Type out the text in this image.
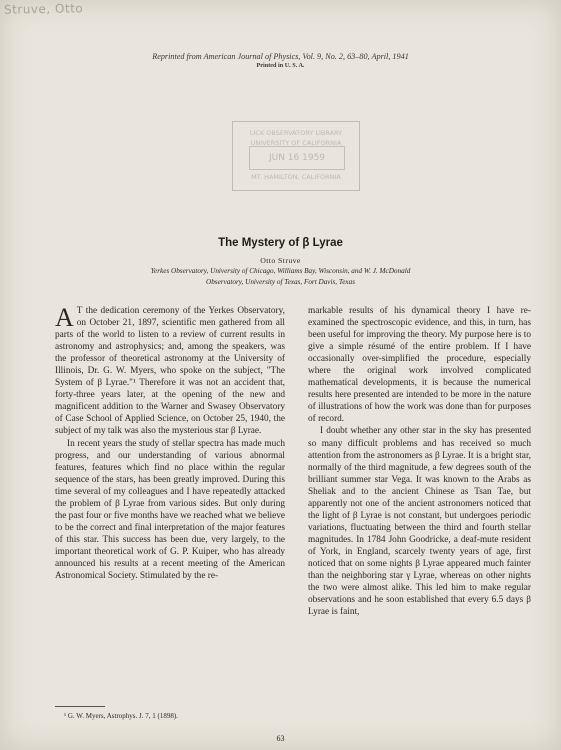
Struve, Otto
Reprinted from American Journal of Physics, Vol. 9, No. 2, 63–80, April, 1941
Printed in U. S. A.
LICK OBSERVATORY LIBRARY
UNIVERSITY OF CALIFORNIA
JUN 16 1959
MT. HAMILTON, CALIFORNIA
The Mystery of β Lyrae
Otto Struve
Yerkes Observatory, University of Chicago, Williams Bay, Wisconsin, and W. J. McDonald
Observatory, University of Texas, Fort Davis, Texas

A T the dedication ceremony of the Yerkes Observatory, on October 21, 1897, scientific men gathered from all parts of the world to listen to a review of current results in astronomy and astrophysics; and, among the speakers, was the professor of theoretical astronomy at the University of Illinois, Dr. G. W. Myers, who spoke on the subject, "The System of β Lyrae."¹ Therefore it was not an accident that, forty-three years later, at the opening of the new and magnificent addition to the Warner and Swasey Observatory of Case School of Applied Science, on October 25, 1940, the subject of my talk was also the mysterious star β Lyrae.

In recent years the study of stellar spectra has made much progress, and our understanding of various abnormal features, features which find no place within the regular sequence of the stars, has been greatly improved. During this time several of my colleagues and I have repeatedly attacked the problem of β Lyrae from various sides. But only during the past four or five months have we reached what we believe to be the correct and final interpretation of the major features of this star. This success has been due, very largely, to the important theoretical work of G. P. Kuiper, who has already announced his results at a recent meeting of the American Astronomical Society. Stimulated by the re-

markable results of his dynamical theory I have re-examined the spectroscopic evidence, and this, in turn, has been useful for improving the theory. My purpose here is to give a simple résumé of the entire problem. If I have occasionally over-simplified the procedure, especially where the original work involved complicated mathematical developments, it is because the numerical results here presented are intended to be more in the nature of illustrations of how the work was done than for purposes of record.

I doubt whether any other star in the sky has presented so many difficult problems and has received so much attention from the astronomers as β Lyrae. It is a bright star, normally of the third magnitude, a few degrees south of the brilliant summer star Vega. It was known to the Arabs as Sheliak and to the ancient Chinese as Tsan Tae, but apparently not one of the ancient astronomers noticed that the light of β Lyrae is not constant, but undergoes periodic variations, fluctuating between the third and fourth stellar magnitudes. In 1784 John Goodricke, a deaf-mute resident of York, in England, scarcely twenty years of age, first noticed that on some nights β Lyrae appeared much fainter than the neighboring star γ Lyrae, whereas on other nights the two were almost alike. This led him to make regular observations and he soon established that every 6.5 days β Lyrae is faint,

¹ G. W. Myers, Astrophys. J. 7, 1 (1898).
63
